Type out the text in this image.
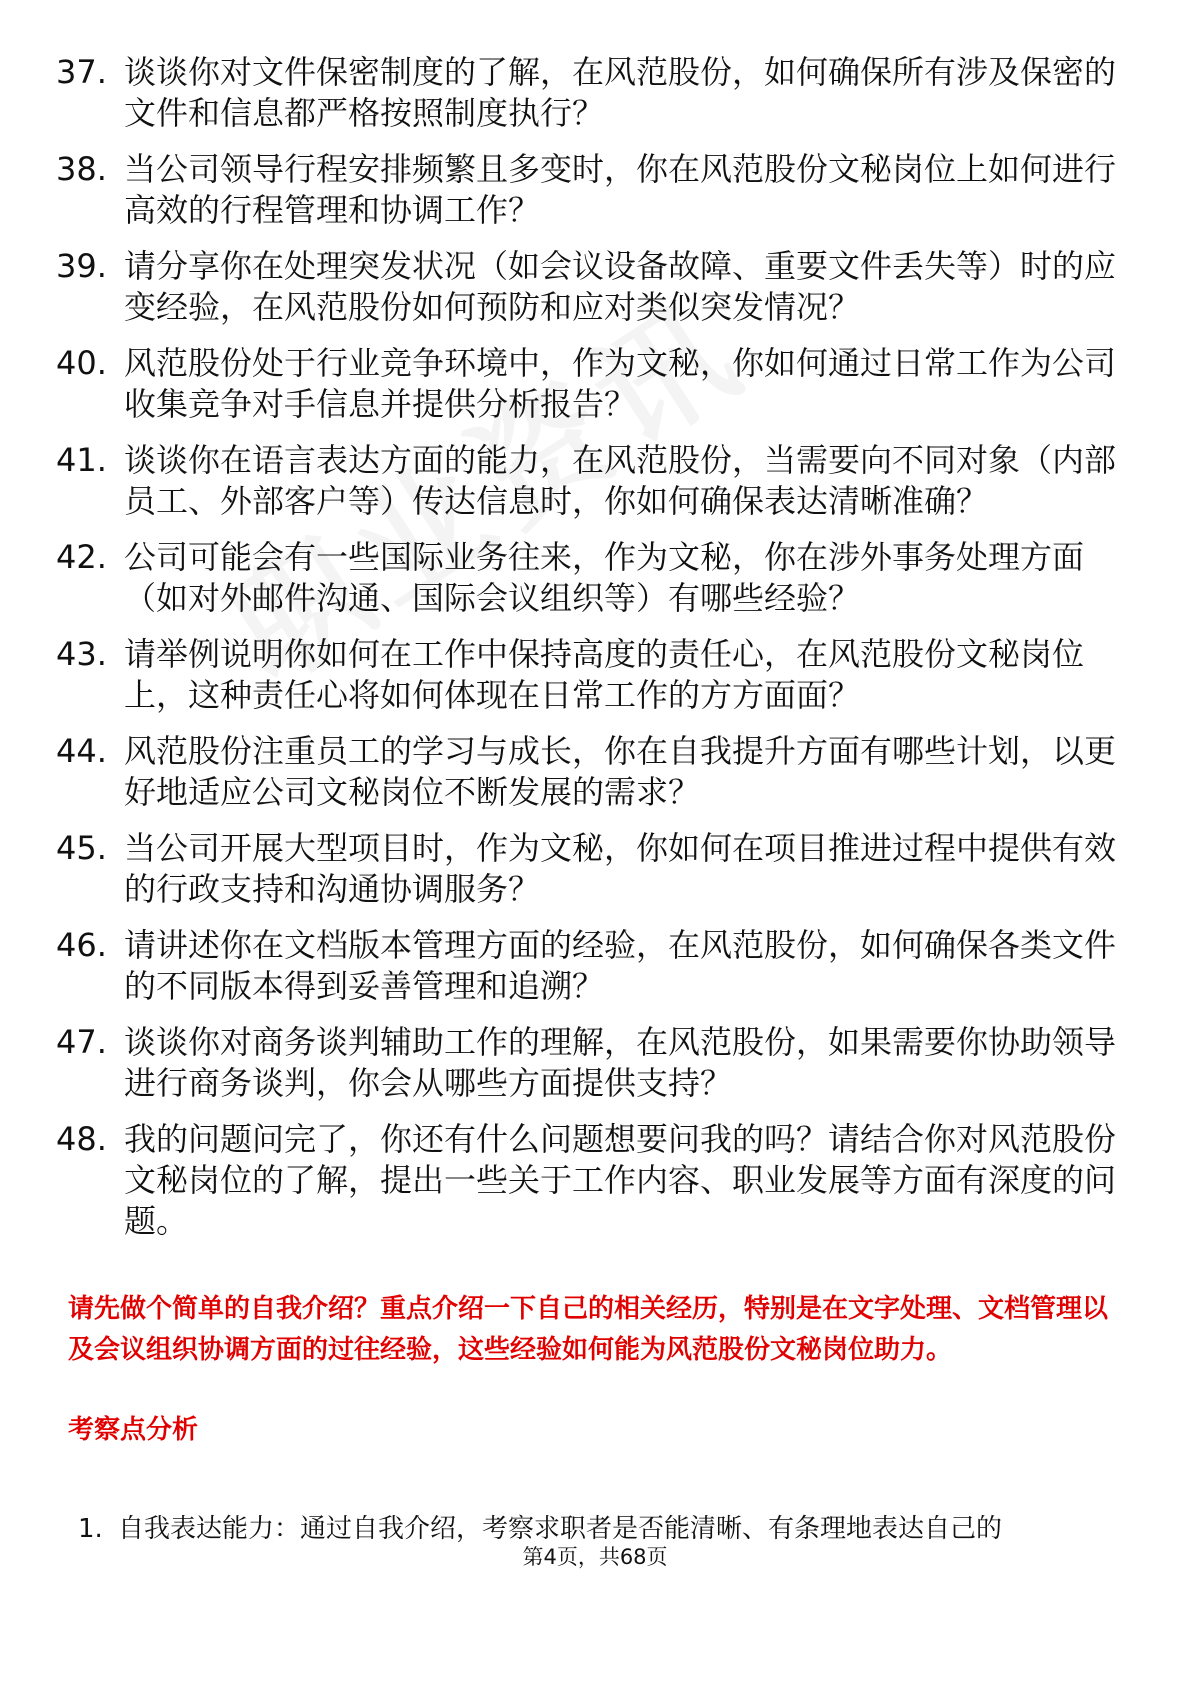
37. 谈谈你对文件保密制度的了解，在风范股份，如何确保所有涉及保密的文件和信息都严格按照制度执行？
38. 当公司领导行程安排频繁且多变时，你在风范股份文秘岗位上如何进行高效的行程管理和协调工作？
39. 请分享你在处理突发状况（如会议设备故障、重要文件丢失等）时的应变经验，在风范股份如何预防和应对类似突发情况？
40. 风范股份处于行业竞争环境中，作为文秘，你如何通过日常工作为公司收集竞争对手信息并提供分析报告？
41. 谈谈你在语言表达方面的能力，在风范股份，当需要向不同对象（内部员工、外部客户等）传达信息时，你如何确保表达清晰准确？
42. 公司可能会有一些国际业务往来，作为文秘，你在涉外事务处理方面（如对外邮件沟通、国际会议组织等）有哪些经验？
43. 请举例说明你如何在工作中保持高度的责任心，在风范股份文秘岗位上，这种责任心将如何体现在日常工作的方方面面？
44. 风范股份注重员工的学习与成长，你在自我提升方面有哪些计划，以更好地适应公司文秘岗位不断发展的需求？
45. 当公司开展大型项目时，作为文秘，你如何在项目推进过程中提供有效的行政支持和沟通协调服务？
46. 请讲述你在文档版本管理方面的经验，在风范股份，如何确保各类文件的不同版本得到妥善管理和追溯？
47. 谈谈你对商务谈判辅助工作的理解，在风范股份，如果需要你协助领导进行商务谈判，你会从哪些方面提供支持？
48. 我的问题问完了，你还有什么问题想要问我的吗？请结合你对风范股份文秘岗位的了解，提出一些关于工作内容、职业发展等方面有深度的问题。

请先做个简单的自我介绍？重点介绍一下自己的相关经历，特别是在文字处理、文档管理以及会议组织协调方面的过往经验，这些经验如何能为风范股份文秘岗位助力。

考察点分析
1. 自我表达能力：通过自我介绍，考察求职者是否能清晰、有条理地表达自己的
第4页，共68页
